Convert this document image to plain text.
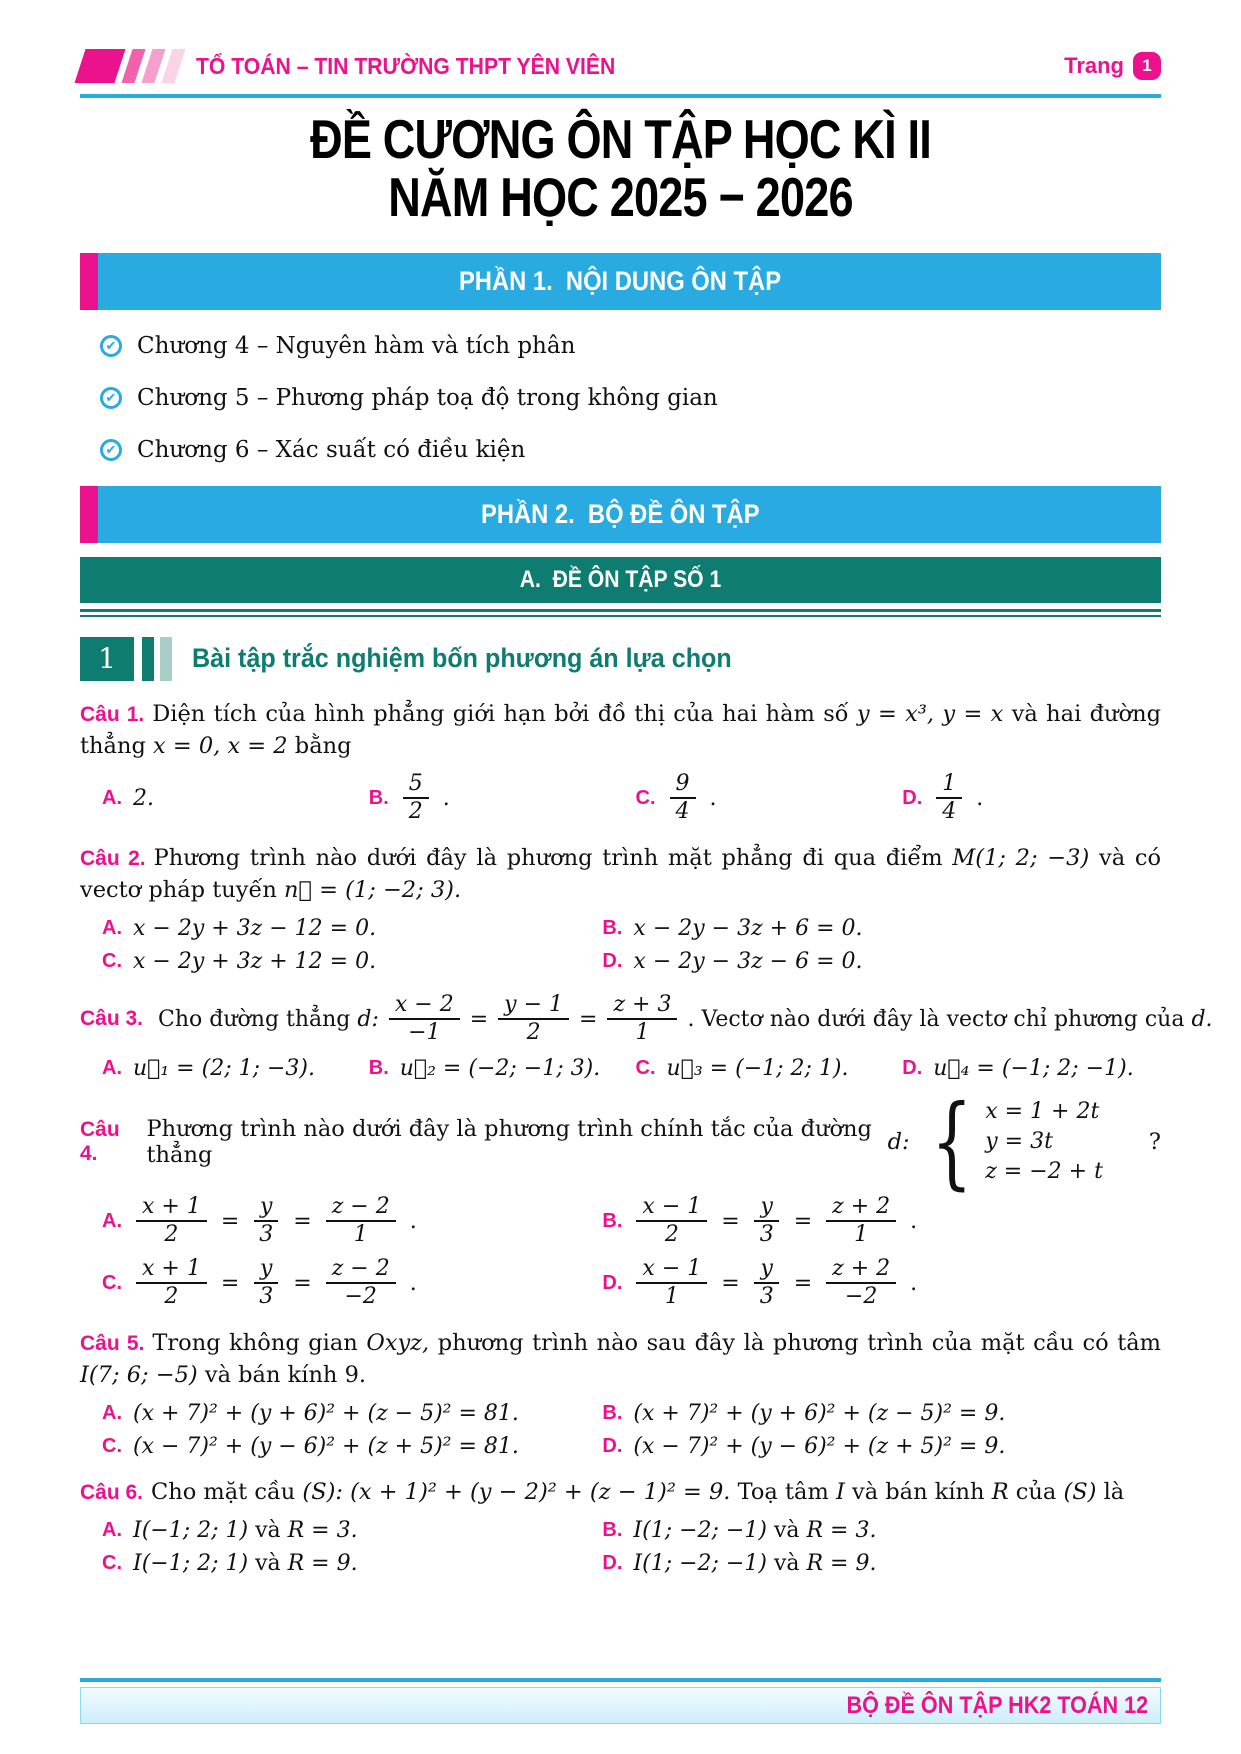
TỔ TOÁN – TIN TRƯỜNG THPT YÊN VIÊN	Trang	1
ĐỀ CƯƠNG ÔN TẬP HỌC KÌ II
NĂM HỌC 2025 − 2026
PHẦN 1.  NỘI DUNG ÔN TẬP
✔ Chương 4 – Nguyên hàm và tích phân
✔ Chương 5 – Phương pháp toạ độ trong không gian
✔ Chương 6 – Xác suất có điều kiện
PHẦN 2.  BỘ ĐỀ ÔN TẬP
A.  ĐỀ ÔN TẬP SỐ 1
1	Bài tập trắc nghiệm bốn phương án lựa chọn

Câu 1. Diện tích của hình phẳng giới hạn bởi đồ thị của hai hàm số y = x³, y = x và hai đường thẳng x = 0, x = 2 bằng

A. 2.	B. $\frac{5}{2}$ .	C. $\frac{9}{4}$ .	D. $\frac{1}{4}$ .

Câu 2. Phương trình nào dưới đây là phương trình mặt phẳng đi qua điểm M(1; 2; −3) và có vectơ pháp tuyến n⃗ = (1; −2; 3).

A. x − 2y + 3z − 12 = 0.	B. x − 2y − 3z + 6 = 0.
C. x − 2y + 3z + 12 = 0.	D. x − 2y − 3z − 6 = 0.
Câu 3. Cho đường thẳng d: $\frac{x - 2}{-1} = \frac{y - 1}{2} = \frac{z + 3}{1}$ . Vectơ nào dưới đây là vectơ chỉ phương của d.
A. u⃗₁ = (2; 1; −3).	B. u⃗₂ = (−2; −1; 3). C. u⃗₃ = (−1; 2; 1).	D. u⃗₄ = (−1; 2; −1).
Câu 4.
Phương trình nào dưới đây là phương trình chính tắc của đường thẳng	d: { x = 1 + 2t
y = 3t
z = −2 + t
?
A. $\frac{x + 1}{2} = \frac{y}{3} = \frac{z - 2}{1}$ .	B. $\frac{x - 1}{2} = \frac{y}{3} = \frac{z + 2}{1}$ .
C. $\frac{x + 1}{2} = \frac{y}{3} = \frac{z - 2}{-2}$ .	D. $\frac{x - 1}{1} = \frac{y}{3} = \frac{z + 2}{-2}$ .

Câu 5. Trong không gian Oxyz, phương trình nào sau đây là phương trình của mặt cầu có tâm I(7; 6; −5) và bán kính 9.

A. (x + 7)² + (y + 6)² + (z − 5)² = 81.	B. (x + 7)² + (y + 6)² + (z − 5)² = 9.
C. (x − 7)² + (y − 6)² + (z + 5)² = 81.	D. (x − 7)² + (y − 6)² + (z + 5)² = 9.

Câu 6. Cho mặt cầu (S): (x + 1)² + (y − 2)² + (z − 1)² = 9. Toạ tâm I và bán kính R của (S) là

A. I(−1; 2; 1) và R = 3.	B. I(1; −2; −1) và R = 3.
C. I(−1; 2; 1) và R = 9.	D. I(1; −2; −1) và R = 9.
BỘ ĐỀ ÔN TẬP HK2 TOÁN 12
